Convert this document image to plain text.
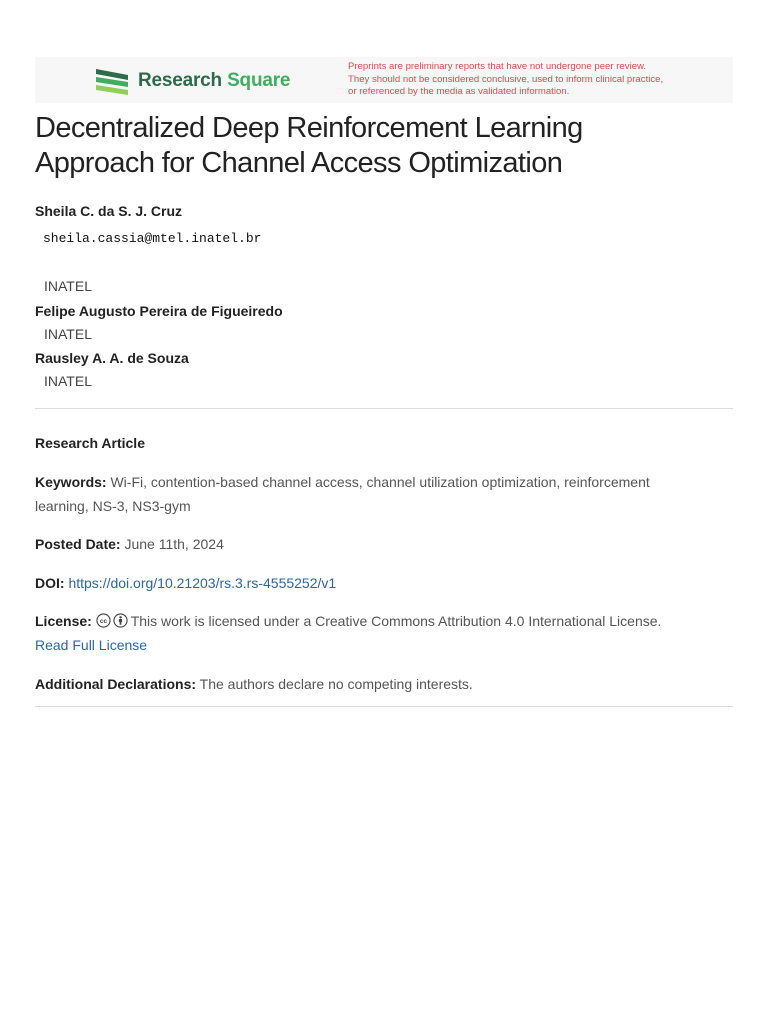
Research Square
Preprints are preliminary reports that have not undergone peer review.
They should not be considered conclusive, used to inform clinical practice,
or referenced by the media as validated information.
Decentralized Deep Reinforcement Learning
Approach for Channel Access Optimization
Sheila C. da S. J. Cruz
sheila.cassia@mtel.inatel.br
INATEL
Felipe Augusto Pereira de Figueiredo
INATEL
Rausley A. A. de Souza
INATEL
Research Article
Keywords: Wi-Fi, contention-based channel access, channel utilization optimization, reinforcement
learning, NS-3, NS3-gym
Posted Date: June 11th, 2024
DOI: https://doi.org/10.21203/rs.3.rs-4555252/v1
License: cc This work is licensed under a Creative Commons Attribution 4.0 International License.
Read Full License
Additional Declarations: The authors declare no competing interests.
